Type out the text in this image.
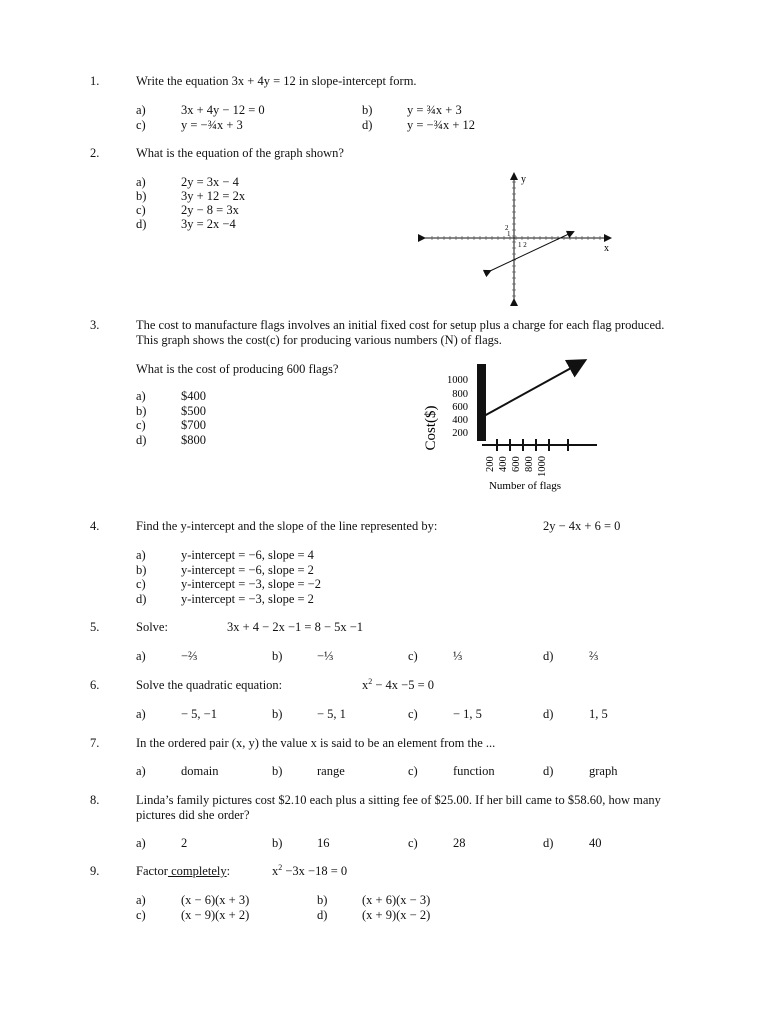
1.	Write the equation 3x + 4y = 12 in slope-intercept form.
a)	3x + 4y − 12 = 0	b)	y = ¾x + 3
c)	y = −¾x + 3	d)	y = −¾x + 12
2.	What is the equation of the graph shown?
a)	2y = 3x − 4
b)	3y + 12 = 2x
c)	2y − 8 = 3x
d)	3y = 2x −4
y
x
2
1
1 2
3.	The cost to manufacture flags involves an initial fixed cost for setup plus a charge for each flag produced. This graph shows the cost(c) for producing various numbers (N) of flags.
What is the cost of producing 600 flags?
a)	$400
b)	$500
c)	$700
d)	$800	Cost($)
1000
800
600
400
200
200 400 600 800 1000
Number of flags
4.	Find the y-intercept and the slope of the line represented by:	2y − 4x + 6 = 0
a)	y-intercept = −6, slope = 4
b)	y-intercept = −6, slope = 2
c)	y-intercept = −3, slope = −2
d)	y-intercept = −3, slope = 2
5.	Solve:	3x + 4 − 2x −1 = 8 − 5x −1
a)	−⅔	b)	−⅓	c)	⅓	d)	⅔
6.	Solve the quadratic equation:	$x^2 - 4x -5 = 0$
a)	− 5, −1	b)	− 5, 1	c)	− 1, 5	d)	1, 5
7.	In the ordered pair (x, y) the value x is said to be an element from the ...
a)	domain	b)	range	c)	function	d)	graph
8.	Linda’s family pictures cost $2.10 each plus a sitting fee of $25.00. If her bill came to $58.60, how many pictures did she order?
a)	2	b)	16	c)	28	d)	40
9.	Factor completely:	$x^2 -3x -18 = 0$
a)	(x − 6)(x + 3)	b)	(x + 6)(x − 3)
c)	(x − 9)(x + 2)	d)	(x + 9)(x − 2)
